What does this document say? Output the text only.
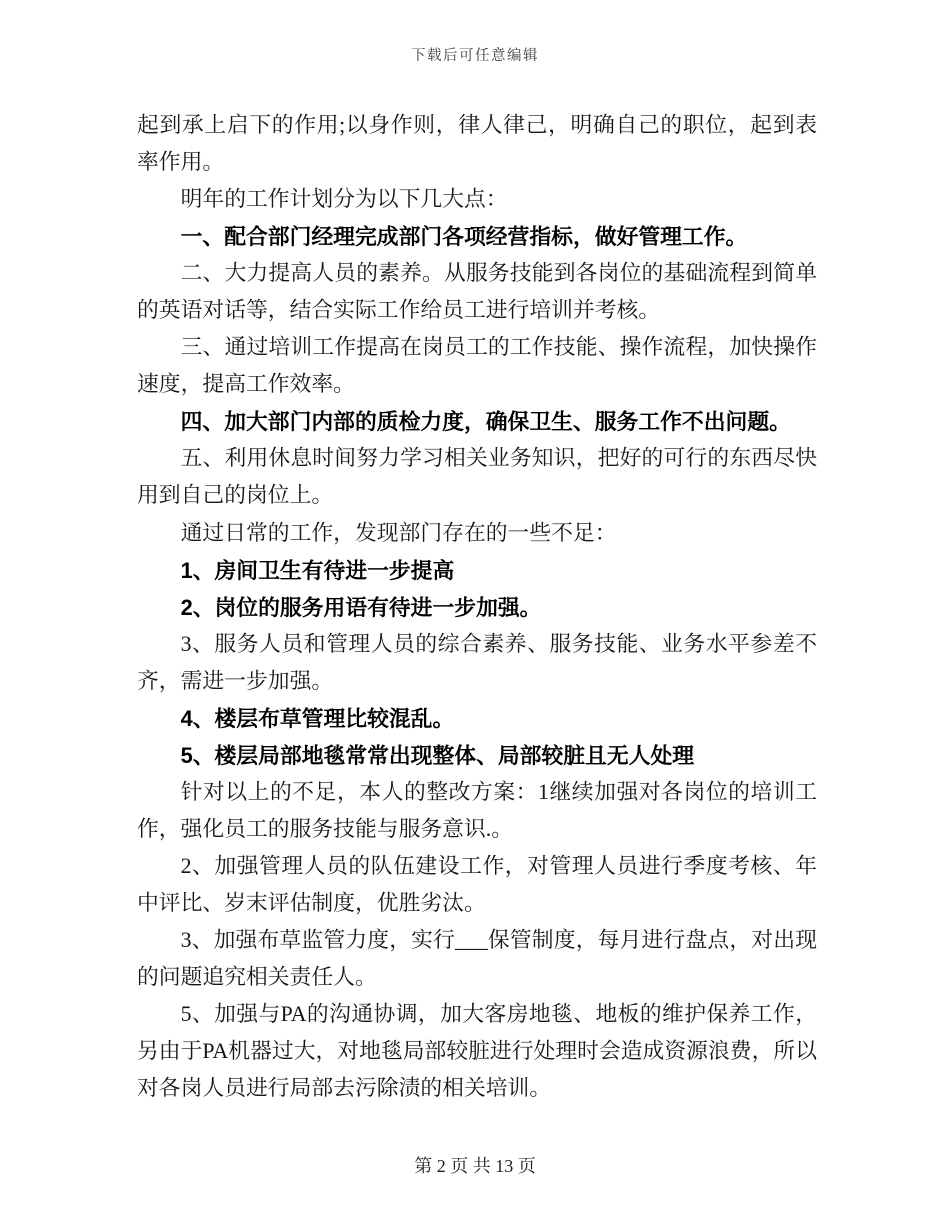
下载后可任意编辑

起到承上启下的作用;以身作则，律人律己，明确自己的职位，起到表率作用。

明年的工作计划分为以下几大点：

一、配合部门经理完成部门各项经营指标，做好管理工作。

二、大力提高人员的素养。从服务技能到各岗位的基础流程到简单的英语对话等，结合实际工作给员工进行培训并考核。

三、通过培训工作提高在岗员工的工作技能、操作流程，加快操作速度，提高工作效率。

四、加大部门内部的质检力度，确保卫生、服务工作不出问题。

五、利用休息时间努力学习相关业务知识，把好的可行的东西尽快用到自己的岗位上。

通过日常的工作，发现部门存在的一些不足：

1、房间卫生有待进一步提高

2、岗位的服务用语有待进一步加强。

3、服务人员和管理人员的综合素养、服务技能、业务水平参差不齐，需进一步加强。

4、楼层布草管理比较混乱。

5、楼层局部地毯常常出现整体、局部较脏且无人处理

针对以上的不足，本人的整改方案：1继续加强对各岗位的培训工作，强化员工的服务技能与服务意识.。

2、加强管理人员的队伍建设工作，对管理人员进行季度考核、年中评比、岁末评估制度，优胜劣汰。

3、加强布草监管力度，实行___保管制度，每月进行盘点，对出现的问题追究相关责任人。

5、加强与PA的沟通协调，加大客房地毯、地板的维护保养工作，另由于PA机器过大，对地毯局部较脏进行处理时会造成资源浪费，所以对各岗人员进行局部去污除渍的相关培训。

第 2 页 共 13 页
